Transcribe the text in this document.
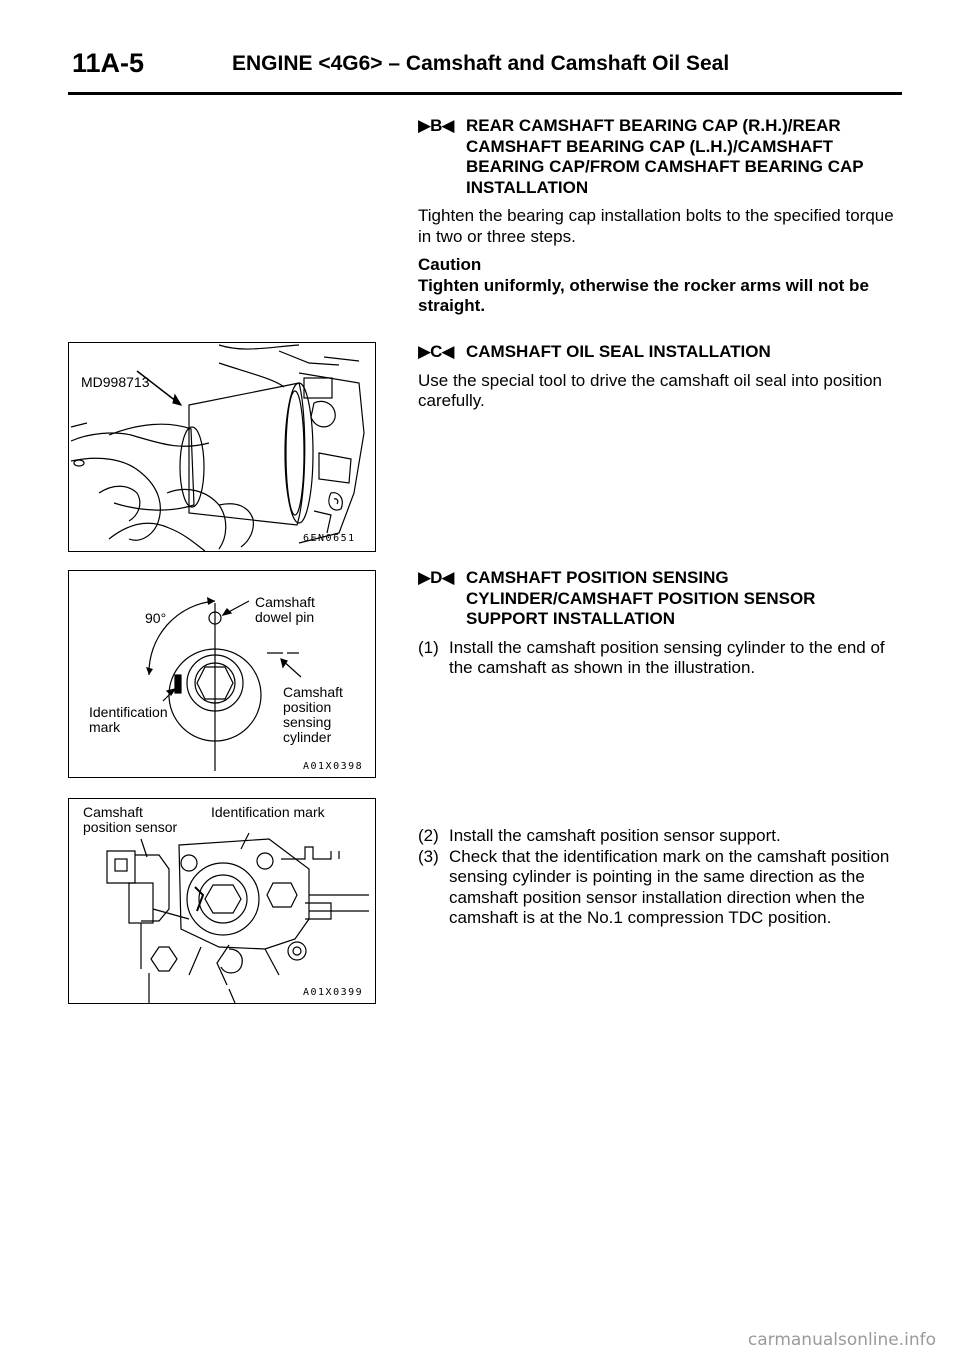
11A-5	ENGINE <4G6> – Camshaft and Camshaft Oil Seal
▶B◀ REAR CAMSHAFT BEARING CAP (R.H.)/REAR CAMSHAFT BEARING CAP (L.H.)/CAMSHAFT BEARING CAP/FROM CAMSHAFT BEARING CAP INSTALLATION
Tighten the bearing cap installation bolts to the specified torque in two or three steps.
Caution
Tighten uniformly, otherwise the rocker arms will not be straight.
▶C◀ CAMSHAFT OIL SEAL INSTALLATION
Use the special tool to drive the camshaft oil seal into position carefully.
▶D◀ CAMSHAFT POSITION SENSING CYLINDER/CAMSHAFT POSITION SENSOR SUPPORT INSTALLATION
(1) Install the camshaft position sensing cylinder to the end of the camshaft as shown in the illustration.
(2) Install the camshaft position sensor support.
(3) Check that the identification mark on the camshaft position sensing cylinder is pointing in the same direction as the camshaft position sensor installation direction when the camshaft is at the No.1 compression TDC position.
MD998713
6EN0651
90°
Camshaft dowel pin
Camshaft position sensing cylinder
Identification mark
A01X0398
Camshaft position sensor
Identification mark
A01X0399
carmanualsonline.info
